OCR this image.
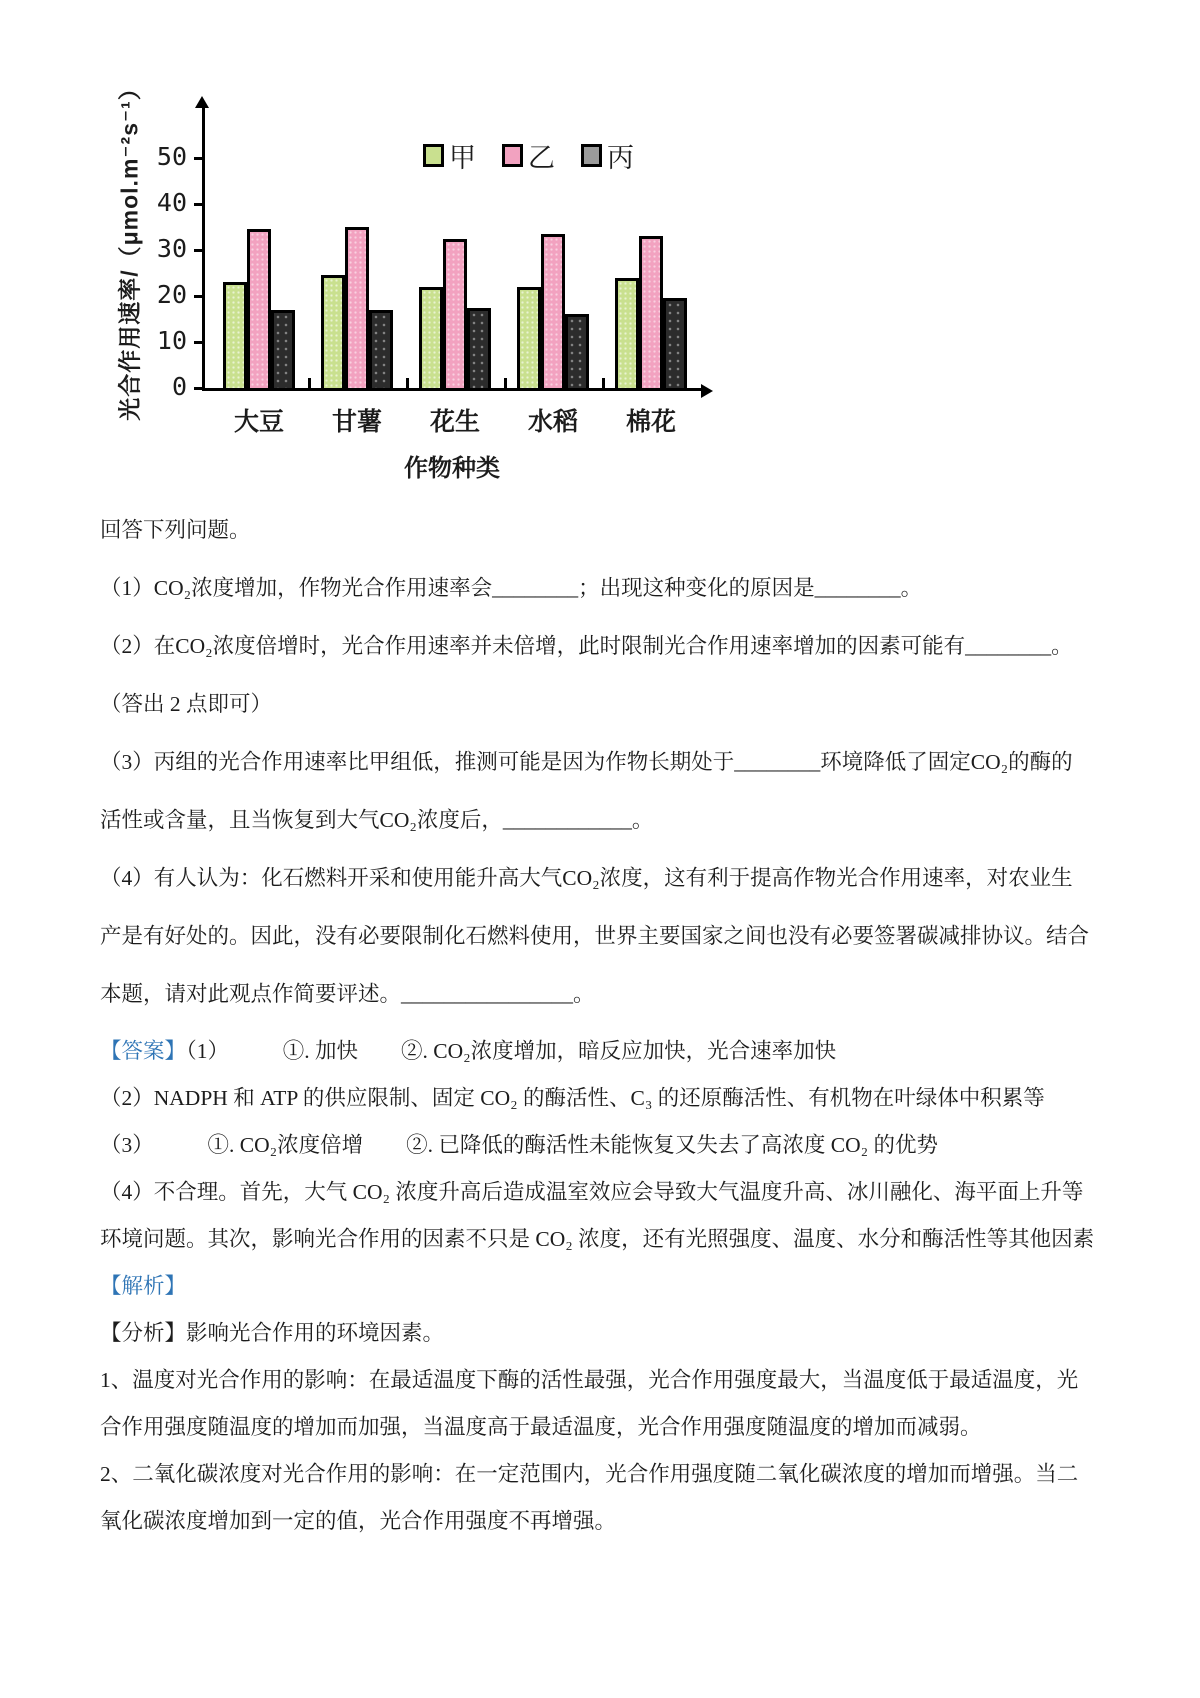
光合作用速率/（μmol.m⁻²s⁻¹）	甲 乙 丙
0
10
20
30
40
50
大豆	甘薯	花生	水稻	棉花
作物种类

回答下列问题。

（1）CO₂浓度增加，作物光合作用速率会________；出现这种变化的原因是________。

（2）在CO₂浓度倍增时，光合作用速率并未倍增，此时限制光合作用速率增加的因素可能有________。

（答出 2 点即可）

（3）丙组的光合作用速率比甲组低，推测可能是因为作物长期处于________环境降低了固定CO₂的酶的

活性或含量，且当恢复到大气CO₂浓度后，____________。

（4）有人认为：化石燃料开采和使用能升高大气CO₂浓度，这有利于提高作物光合作用速率，对农业生

产是有好处的。因此，没有必要限制化石燃料使用，世界主要国家之间也没有必要签署碳减排协议。结合

本题，请对此观点作简要评述。________________。

【答案】（1）　　　①. 加快　　②. CO₂浓度增加，暗反应加快，光合速率加快

（2）NADPH 和 ATP 的供应限制、固定 CO₂ 的酶活性、C₃ 的还原酶活性、有机物在叶绿体中积累等

（3）　　　①. CO₂浓度倍增　　②. 已降低的酶活性未能恢复又失去了高浓度 CO₂ 的优势

（4）不合理。首先，大气 CO₂ 浓度升高后造成温室效应会导致大气温度升高、冰川融化、海平面上升等

环境问题。其次，影响光合作用的因素不只是 CO₂ 浓度，还有光照强度、温度、水分和酶活性等其他因素

【解析】

【分析】影响光合作用的环境因素。

1、温度对光合作用的影响：在最适温度下酶的活性最强，光合作用强度最大，当温度低于最适温度，光

合作用强度随温度的增加而加强，当温度高于最适温度，光合作用强度随温度的增加而减弱。

2、二氧化碳浓度对光合作用的影响：在一定范围内，光合作用强度随二氧化碳浓度的增加而增强。当二

氧化碳浓度增加到一定的值，光合作用强度不再增强。
